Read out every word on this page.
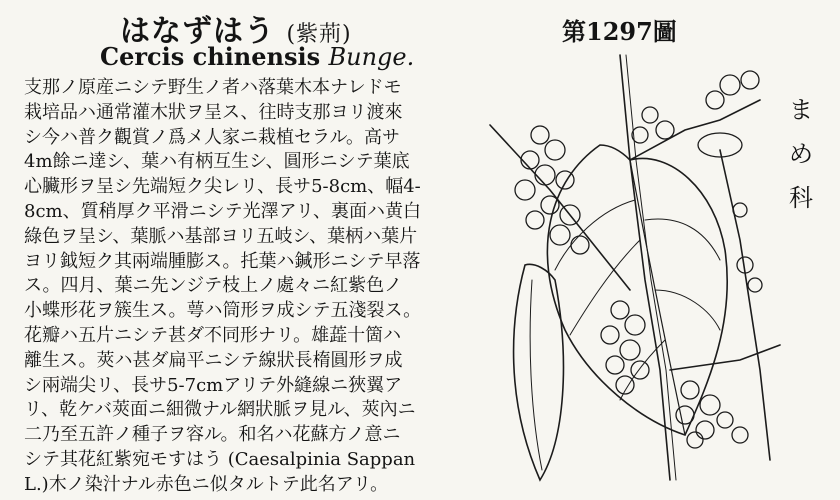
はなずはう (紫荊)
Cercis chinensis Bunge.
支那ノ原産ニシテ野生ノ者ハ落葉木本ナレドモ
栽培品ハ通常灌木狀ヲ呈ス、往時支那ヨリ渡來
シ今ハ普ク觀賞ノ爲メ人家ニ栽植セラル。高サ
4m餘ニ達シ、葉ハ有柄互生シ、圓形ニシテ葉底
心臟形ヲ呈シ先端短ク尖レリ、長サ5-8cm、幅4-
8cm、質稍厚ク平滑ニシテ光澤アリ、裏面ハ黄白
綠色ヲ呈シ、葉脈ハ基部ヨリ五岐シ、葉柄ハ葉片
ヨリ鉞短ク其兩端腫膨ス。托葉ハ鍼形ニシテ早落
ス。四月、葉ニ先ンジテ枝上ノ處々ニ紅紫色ノ
小蝶形花ヲ簇生ス。萼ハ筒形ヲ成シテ五淺裂ス。
花瓣ハ五片ニシテ甚ダ不同形ナリ。雄蕋十箇ハ
離生ス。莢ハ甚ダ扁平ニシテ線狀長楕圓形ヲ成
シ兩端尖リ、長サ5-7cmアリテ外縫線ニ狹翼ア
リ、乾ケバ莢面ニ細微ナル網狀脈ヲ見ル、莢內ニ
二乃至五許ノ種子ヲ容ル。和名ハ花蘇方ノ意ニ
シテ其花紅紫宛モすはう (Caesalpinia Sappan
L.)木ノ染汁ナル赤色ニ似タルトテ此名アリ。
第1297圖
ま
め
科
